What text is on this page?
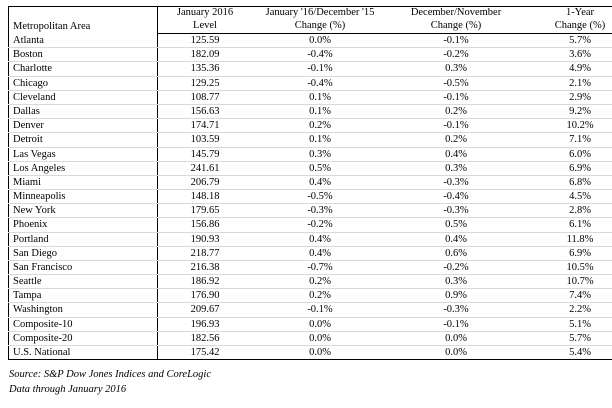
Metropolitan Area	January 2016	January '16/December '15	December/November	1-Year
	Level	Change (%)	Change (%)	Change (%)
Atlanta	125.59	0.0%	-0.1%	5.7%
Boston	182.09	-0.4%	-0.2%	3.6%
Charlotte	135.36	-0.1%	0.3%	4.9%
Chicago	129.25	-0.4%	-0.5%	2.1%
Cleveland	108.77	0.1%	-0.1%	2.9%
Dallas	156.63	0.1%	0.2%	9.2%
Denver	174.71	0.2%	-0.1%	10.2%
Detroit	103.59	0.1%	0.2%	7.1%
Las Vegas	145.79	0.3%	0.4%	6.0%
Los Angeles	241.61	0.5%	0.3%	6.9%
Miami	206.79	0.4%	-0.3%	6.8%
Minneapolis	148.18	-0.5%	-0.4%	4.5%
New York	179.65	-0.3%	-0.3%	2.8%
Phoenix	156.86	-0.2%	0.5%	6.1%
Portland	190.93	0.4%	0.4%	11.8%
San Diego	218.77	0.4%	0.6%	6.9%
San Francisco	216.38	-0.7%	-0.2%	10.5%
Seattle	186.92	0.2%	0.3%	10.7%
Tampa	176.90	0.2%	0.9%	7.4%
Washington	209.67	-0.1%	-0.3%	2.2%
Composite-10	196.93	0.0%	-0.1%	5.1%
Composite-20	182.56	0.0%	0.0%	5.7%
U.S. National	175.42	0.0%	0.0%	5.4%
Source: S&P Dow Jones Indices and CoreLogic
Data through January 2016
